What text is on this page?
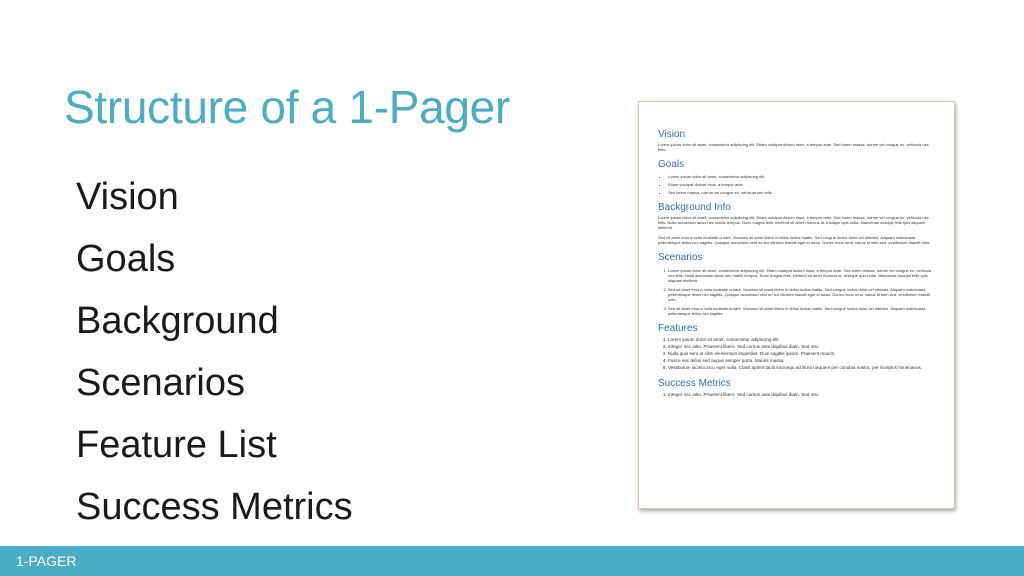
Structure of a 1-Pager
Vision
Goals
Background
Scenarios
Feature List
Success Metrics
Vision

Lorem ipsum dolor sit amet, consectetur adipiscing elit. Etiam volutpat dictum risus, a tempor ante. Sed lorem massa, rutrum vel congue eu, vehicula nec felis.

Goals
• Lorem ipsum dolor sit amet, consectetur adipiscing elit.
• Etiam volutpat dictum risus, a tempor ante.
• Sed lorem massa, rutrum vel congue eu, vehicula nec felis.
Background Info

Lorem ipsum dolor sit amet, consectetur adipiscing elit. Etiam volutpat dictum risus, a tempor ante. Sed lorem massa, rutrum vel congue eu, vehicula nec felis. Nulla accumsan lacus nec mattis tempus. Nunc magna felis, eleifend sit amet rhoncus at, tristique quis nulla. Maecenas suscipit felis quis aliquam eleifend.

Sed sit amet eros a nulla molestie ornare. Vivamus sit amet libero in tellus luctus mattis. Sed congue luctus dolor vel ultricies. Aliquam malesuada pellentesque tellus nec sagittis. Quisque accumsan velit eu leo ultricies blandit eget id lacus. Donec nunc urna, varius id nibh sed, vestibulum blandit odio.

Scenarios
1. Lorem ipsum dolor sit amet, consectetur adipiscing elit. Etiam volutpat dictum risus, a tempor ante. Sed lorem massa, rutrum vel congue eu, vehicula nec felis. Nulla accumsan lacus nec mattis tempus. Nunc magna felis, eleifend sit amet rhoncus at, tristique quis nulla. Maecenas suscipit felis quis aliquam eleifend.
2. Sed sit amet eros a nulla molestie ornare. Vivamus sit amet libero in tellus luctus mattis. Sed congue luctus dolor vel ultricies. Aliquam malesuada pellentesque tellus nec sagittis. Quisque accumsan velit eu leo ultricies blandit eget id lacus. Donec nunc urna, varius id nibh sed, vestibulum blandit odio.
3. Sed sit amet eros a nulla molestie ornare. Vivamus sit amet libero in tellus luctus mattis. Sed congue luctus dolor vel ultricies. Aliquam malesuada pellentesque tellus nec sagittis.
Features
1. Lorem ipsum dolor sit amet, consectetur adipiscing elit.
2. Integer nec odio. Praesent libero. Sed cursus ante dapibus diam. Sed nisi.
3. Nulla quis sem at nibh elementum imperdiet. Duis sagittis ipsum. Praesent mauris.
4. Fusce nec tellus sed augue semper porta. Mauris massa.
5. Vestibulum lacinia arcu eget nulla. Class aptent taciti sociosqu ad litora torquent per conubia nostra, per inceptos himenaeos.
Success Metrics
1. Integer nec odio. Praesent libero. Sed cursus ante dapibus diam. Sed nisi.
1-PAGER
